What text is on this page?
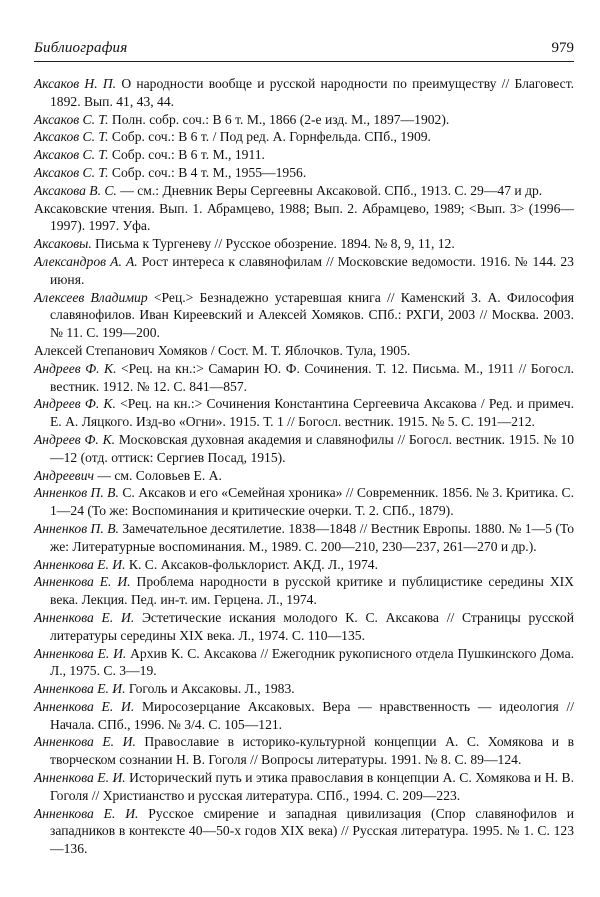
Библиография	979

Аксаков Н. П. О народности вообще и русской народности по преимуществу // Благовест. 1892. Вып. 41, 43, 44.

Аксаков С. Т. Полн. собр. соч.: В 6 т. М., 1866 (2-е изд. М., 1897—1902).

Аксаков С. Т. Собр. соч.: В 6 т. / Под ред. А. Горнфельда. СПб., 1909.

Аксаков С. Т. Собр. соч.: В 6 т. М., 1911.

Аксаков С. Т. Собр. соч.: В 4 т. М., 1955—1956.

Аксакова В. С. — см.: Дневник Веры Сергеевны Аксаковой. СПб., 1913. С. 29—47 и др.

Аксаковские чтения. Вып. 1. Абрамцево, 1988; Вып. 2. Абрамцево, 1989; <Вып. 3> (1996—1997). 1997. Уфа.

Аксаковы. Письма к Тургеневу // Русское обозрение. 1894. № 8, 9, 11, 12.

Александров А. А. Рост интереса к славянофилам // Московские ведомости. 1916. № 144. 23 июня.

Алексеев Владимир <Рец.> Безнадежно устаревшая книга // Каменский З. А. Философия славянофилов. Иван Киреевский и Алексей Хомяков. СПб.: РХГИ, 2003 // Москва. 2003. № 11. С. 199—200.

Алексей Степанович Хомяков / Сост. М. Т. Яблочков. Тула, 1905.

Андреев Ф. К. <Рец. на кн.:> Самарин Ю. Ф. Сочинения. Т. 12. Письма. М., 1911 // Богосл. вестник. 1912. № 12. С. 841—857.

Андреев Ф. К. <Рец. на кн.:> Сочинения Константина Сергеевича Аксакова / Ред. и примеч. Е. А. Ляцкого. Изд-во «Огни». 1915. Т. 1 // Богосл. вестник. 1915. № 5. С. 191—212.

Андреев Ф. К. Московская духовная академия и славянофилы // Богосл. вестник. 1915. № 10—12 (отд. оттиск: Сергиев Посад, 1915).

Андреевич — см. Соловьев Е. А.

Анненков П. В. С. Аксаков и его «Семейная хроника» // Современник. 1856. № 3. Критика. С. 1—24 (То же: Воспоминания и критические очерки. Т. 2. СПб., 1879).

Анненков П. В. Замечательное десятилетие. 1838—1848 // Вестник Европы. 1880. № 1—5 (То же: Литературные воспоминания. М., 1989. С. 200—210, 230—237, 261—270 и др.).

Анненкова Е. И. К. С. Аксаков-фольклорист. АКД. Л., 1974.

Анненкова Е. И. Проблема народности в русской критике и публицистике середины XIX века. Лекция. Пед. ин-т. им. Герцена. Л., 1974.

Анненкова Е. И. Эстетические искания молодого К. С. Аксакова // Страницы русской литературы середины XIX века. Л., 1974. С. 110—135.

Анненкова Е. И. Архив К. С. Аксакова // Ежегодник рукописного отдела Пушкинского Дома. Л., 1975. С. 3—19.

Анненкова Е. И. Гоголь и Аксаковы. Л., 1983.

Анненкова Е. И. Миросозерцание Аксаковых. Вера — нравственность — идеология // Начала. СПб., 1996. № 3/4. С. 105—121.

Анненкова Е. И. Православие в историко-культурной концепции А. С. Хомякова и в творческом сознании Н. В. Гоголя // Вопросы литературы. 1991. № 8. С. 89—124.

Анненкова Е. И. Исторический путь и этика православия в концепции А. С. Хомякова и Н. В. Гоголя // Христианство и русская литература. СПб., 1994. С. 209—223.

Анненкова Е. И. Русское смирение и западная цивилизация (Спор славянофилов и западников в контексте 40—50-х годов XIX века) // Русская литература. 1995. № 1. С. 123—136.
